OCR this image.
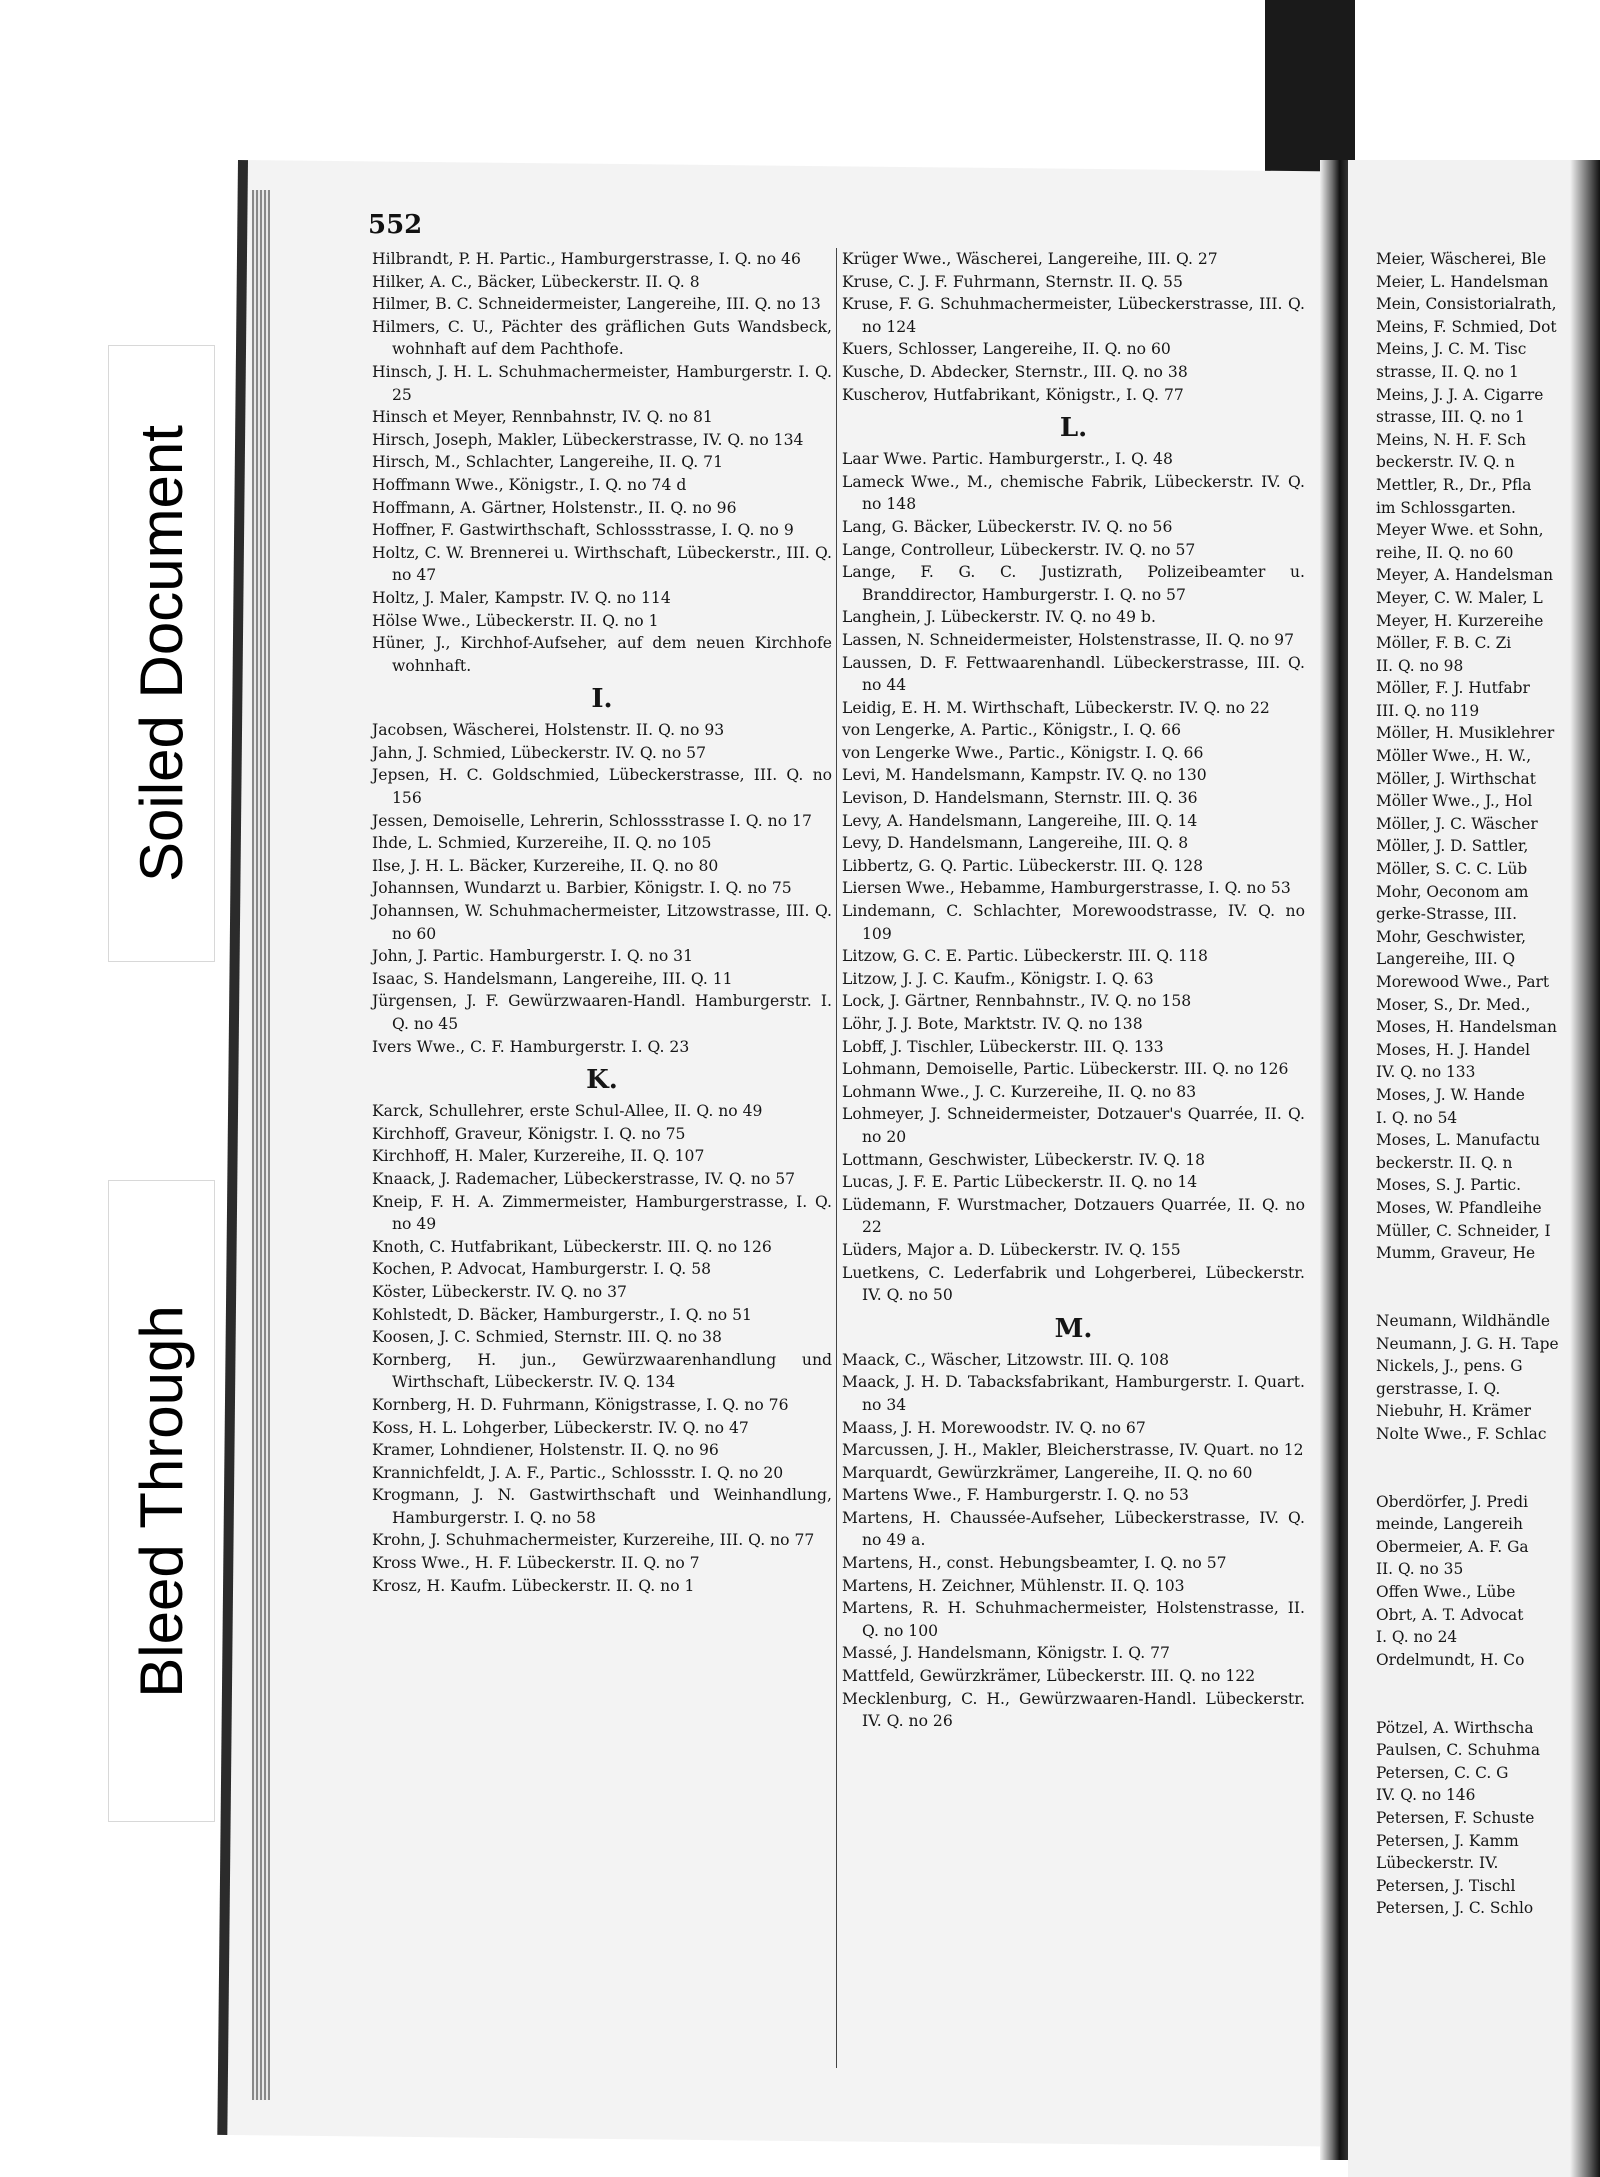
Soiled Document
Bleed Through
552
Hilbrandt, P. H. Partic., Hamburgerstrasse, I. Q. no 46
Hilker, A. C., Bäcker, Lübeckerstr. II. Q. 8
Hilmer, B. C. Schneidermeister, Langereihe, III. Q. no 13
Hilmers, C. U., Pächter des gräflichen Guts Wandsbeck, wohnhaft auf dem Pachthofe.
Hinsch, J. H. L. Schuhmachermeister, Hamburgerstr. I. Q. 25
Hinsch et Meyer, Rennbahnstr, IV. Q. no 81
Hirsch, Joseph, Makler, Lübeckerstrasse, IV. Q. no 134
Hirsch, M., Schlachter, Langereihe, II. Q. 71
Hoffmann Wwe., Königstr., I. Q. no 74 d
Hoffmann, A. Gärtner, Holstenstr., II. Q. no 96
Hoffner, F. Gastwirthschaft, Schlossstrasse, I. Q. no 9
Holtz, C. W. Brennerei u. Wirthschaft, Lübeckerstr., III. Q. no 47
Holtz, J. Maler, Kampstr. IV. Q. no 114
Hölse Wwe., Lübeckerstr. II. Q. no 1
Hüner, J., Kirchhof-Aufseher, auf dem neuen Kirchhofe wohnhaft.
I.
Jacobsen, Wäscherei, Holstenstr. II. Q. no 93
Jahn, J. Schmied, Lübeckerstr. IV. Q. no 57
Jepsen, H. C. Goldschmied, Lübeckerstrasse, III. Q. no 156
Jessen, Demoiselle, Lehrerin, Schlossstrasse I. Q. no 17
Ihde, L. Schmied, Kurzereihe, II. Q. no 105
Ilse, J. H. L. Bäcker, Kurzereihe, II. Q. no 80
Johannsen, Wundarzt u. Barbier, Königstr. I. Q. no 75
Johannsen, W. Schuhmachermeister, Litzowstrasse, III. Q. no 60
John, J. Partic. Hamburgerstr. I. Q. no 31
Isaac, S. Handelsmann, Langereihe, III. Q. 11
Jürgensen, J. F. Gewürzwaaren-Handl. Hamburgerstr. I. Q. no 45
Ivers Wwe., C. F. Hamburgerstr. I. Q. 23
K.
Karck, Schullehrer, erste Schul-Allee, II. Q. no 49
Kirchhoff, Graveur, Königstr. I. Q. no 75
Kirchhoff, H. Maler, Kurzereihe, II. Q. 107
Knaack, J. Rademacher, Lübeckerstrasse, IV. Q. no 57
Kneip, F. H. A. Zimmermeister, Hamburgerstrasse, I. Q. no 49
Knoth, C. Hutfabrikant, Lübeckerstr. III. Q. no 126
Kochen, P. Advocat, Hamburgerstr. I. Q. 58
Köster, Lübeckerstr. IV. Q. no 37
Kohlstedt, D. Bäcker, Hamburgerstr., I. Q. no 51
Koosen, J. C. Schmied, Sternstr. III. Q. no 38
Kornberg, H. jun., Gewürzwaarenhandlung und Wirthschaft, Lübeckerstr. IV. Q. 134
Kornberg, H. D. Fuhrmann, Königstrasse, I. Q. no 76
Koss, H. L. Lohgerber, Lübeckerstr. IV. Q. no 47
Kramer, Lohndiener, Holstenstr. II. Q. no 96
Krannichfeldt, J. A. F., Partic., Schlossstr. I. Q. no 20
Krogmann, J. N. Gastwirthschaft und Weinhandlung, Hamburgerstr. I. Q. no 58
Krohn, J. Schuhmachermeister, Kurzereihe, III. Q. no 77
Kross Wwe., H. F. Lübeckerstr. II. Q. no 7
Krosz, H. Kaufm. Lübeckerstr. II. Q. no 1
Krüger Wwe., Wäscherei, Langereihe, III. Q. 27
Kruse, C. J. F. Fuhrmann, Sternstr. II. Q. 55
Kruse, F. G. Schuhmachermeister, Lübeckerstrasse, III. Q. no 124
Kuers, Schlosser, Langereihe, II. Q. no 60
Kusche, D. Abdecker, Sternstr., III. Q. no 38
Kuscherov, Hutfabrikant, Königstr., I. Q. 77
L.
Laar Wwe. Partic. Hamburgerstr., I. Q. 48
Lameck Wwe., M., chemische Fabrik, Lübeckerstr. IV. Q. no 148
Lang, G. Bäcker, Lübeckerstr. IV. Q. no 56
Lange, Controlleur, Lübeckerstr. IV. Q. no 57
Lange, F. G. C. Justizrath, Polizeibeamter u. Branddirector, Hamburgerstr. I. Q. no 57
Langhein, J. Lübeckerstr. IV. Q. no 49 b.
Lassen, N. Schneidermeister, Holstenstrasse, II. Q. no 97
Laussen, D. F. Fettwaarenhandl. Lübeckerstrasse, III. Q. no 44
Leidig, E. H. M. Wirthschaft, Lübeckerstr. IV. Q. no 22
von Lengerke, A. Partic., Königstr., I. Q. 66
von Lengerke Wwe., Partic., Königstr. I. Q. 66
Levi, M. Handelsmann, Kampstr. IV. Q. no 130
Levison, D. Handelsmann, Sternstr. III. Q. 36
Levy, A. Handelsmann, Langereihe, III. Q. 14
Levy, D. Handelsmann, Langereihe, III. Q. 8
Libbertz, G. Q. Partic. Lübeckerstr. III. Q. 128
Liersen Wwe., Hebamme, Hamburgerstrasse, I. Q. no 53
Lindemann, C. Schlachter, Morewoodstrasse, IV. Q. no 109
Litzow, G. C. E. Partic. Lübeckerstr. III. Q. 118
Litzow, J. J. C. Kaufm., Königstr. I. Q. 63
Lock, J. Gärtner, Rennbahnstr., IV. Q. no 158
Löhr, J. J. Bote, Marktstr. IV. Q. no 138
Lobff, J. Tischler, Lübeckerstr. III. Q. 133
Lohmann, Demoiselle, Partic. Lübeckerstr. III. Q. no 126
Lohmann Wwe., J. C. Kurzereihe, II. Q. no 83
Lohmeyer, J. Schneidermeister, Dotzauer's Quarrée, II. Q. no 20
Lottmann, Geschwister, Lübeckerstr. IV. Q. 18
Lucas, J. F. E. Partic Lübeckerstr. II. Q. no 14
Lüdemann, F. Wurstmacher, Dotzauers Quarrée, II. Q. no 22
Lüders, Major a. D. Lübeckerstr. IV. Q. 155
Luetkens, C. Lederfabrik und Lohgerberei, Lübeckerstr. IV. Q. no 50
M.
Maack, C., Wäscher, Litzowstr. III. Q. 108
Maack, J. H. D. Tabacksfabrikant, Hamburgerstr. I. Quart. no 34
Maass, J. H. Morewoodstr. IV. Q. no 67
Marcussen, J. H., Makler, Bleicherstrasse, IV. Quart. no 12
Marquardt, Gewürzkrämer, Langereihe, II. Q. no 60
Martens Wwe., F. Hamburgerstr. I. Q. no 53
Martens, H. Chaussée-Aufseher, Lübeckerstrasse, IV. Q. no 49 a.
Martens, H., const. Hebungsbeamter, I. Q. no 57
Martens, H. Zeichner, Mühlenstr. II. Q. 103
Martens, R. H. Schuhmachermeister, Holstenstrasse, II. Q. no 100
Massé, J. Handelsmann, Königstr. I. Q. 77
Mattfeld, Gewürzkrämer, Lübeckerstr. III. Q. no 122
Mecklenburg, C. H., Gewürzwaaren-Handl. Lübeckerstr. IV. Q. no 26
Meier, Wäscherei, Ble
Meier, L. Handelsman
Mein, Consistorialrath,
Meins, F. Schmied, Dot
Meins, J. C. M. Tisc
strasse, II. Q. no 1
Meins, J. J. A. Cigarre
strasse, III. Q. no 1
Meins, N. H. F. Sch
beckerstr. IV. Q. n
Mettler, R., Dr., Pfla
im Schlossgarten.
Meyer Wwe. et Sohn,
reihe, II. Q. no 60
Meyer, A. Handelsman
Meyer, C. W. Maler, L
Meyer, H. Kurzereihe
Möller, F. B. C. Zi
II. Q. no 98
Möller, F. J. Hutfabr
III. Q. no 119
Möller, H. Musiklehrer
Möller Wwe., H. W.,
Möller, J. Wirthschat
Möller Wwe., J., Hol
Möller, J. C. Wäscher
Möller, J. D. Sattler,
Möller, S. C. C. Lüb
Mohr, Oeconom am
gerke-Strasse, III.
Mohr, Geschwister,
Langereihe, III. Q
Morewood Wwe., Part
Moser, S., Dr. Med.,
Moses, H. Handelsman
Moses, H. J. Handel
IV. Q. no 133
Moses, J. W. Hande
I. Q. no 54
Moses, L. Manufactu
beckerstr. II. Q. n
Moses, S. J. Partic.
Moses, W. Pfandleihe
Müller, C. Schneider, I
Mumm, Graveur, He
Neumann, Wildhändle
Neumann, J. G. H. Tape
Nickels, J., pens. G
gerstrasse, I. Q.
Niebuhr, H. Krämer
Nolte Wwe., F. Schlac
Oberdörfer, J. Predi
meinde, Langereih
Obermeier, A. F. Ga
II. Q. no 35
Offen Wwe., Lübe
Obrt, A. T. Advocat
I. Q. no 24
Ordelmundt, H. Co
Pötzel, A. Wirthscha
Paulsen, C. Schuhma
Petersen, C. C. G
IV. Q. no 146
Petersen, F. Schuste
Petersen, J. Kamm
Lübeckerstr. IV.
Petersen, J. Tischl
Petersen, J. C. Schlo
